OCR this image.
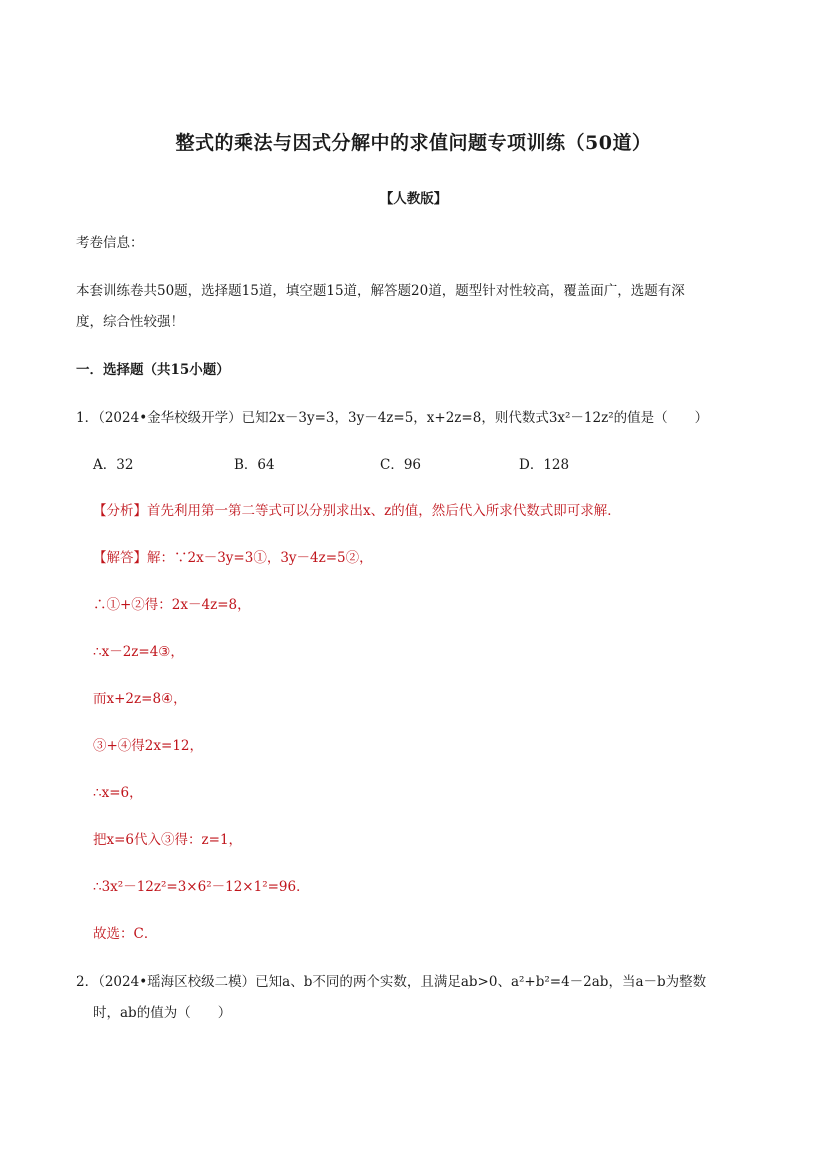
整式的乘法与因式分解中的求值问题专项训练（50道）
【人教版】
考卷信息：
本套训练卷共50题，选择题15道，填空题15道，解答题20道，题型针对性较高，覆盖面广，选题有深
度，综合性较强！
一．选择题（共15小题）
1．（2024•金华校级开学）已知2x－3y=3，3y－4z=5，x+2z=8，则代数式3x²－12z²的值是（　　）
A．32	B．64	C．96	D．128
【分析】首先利用第一第二等式可以分别求出x、z的值，然后代入所求代数式即可求解．
【解答】解：∵2x－3y=3①，3y－4z=5②，
∴①+②得：2x－4z=8，
∴x－2z=4③，
而x+2z=8④，
③+④得2x=12，
∴x=6，
把x=6代入③得：z=1，
∴3x²－12z²=3×6²－12×1²=96．
故选：C．
2．（2024•瑶海区校级二模）已知a、b不同的两个实数，且满足ab>0、a²+b²=4－2ab，当a－b为整数
时，ab的值为（　　）
